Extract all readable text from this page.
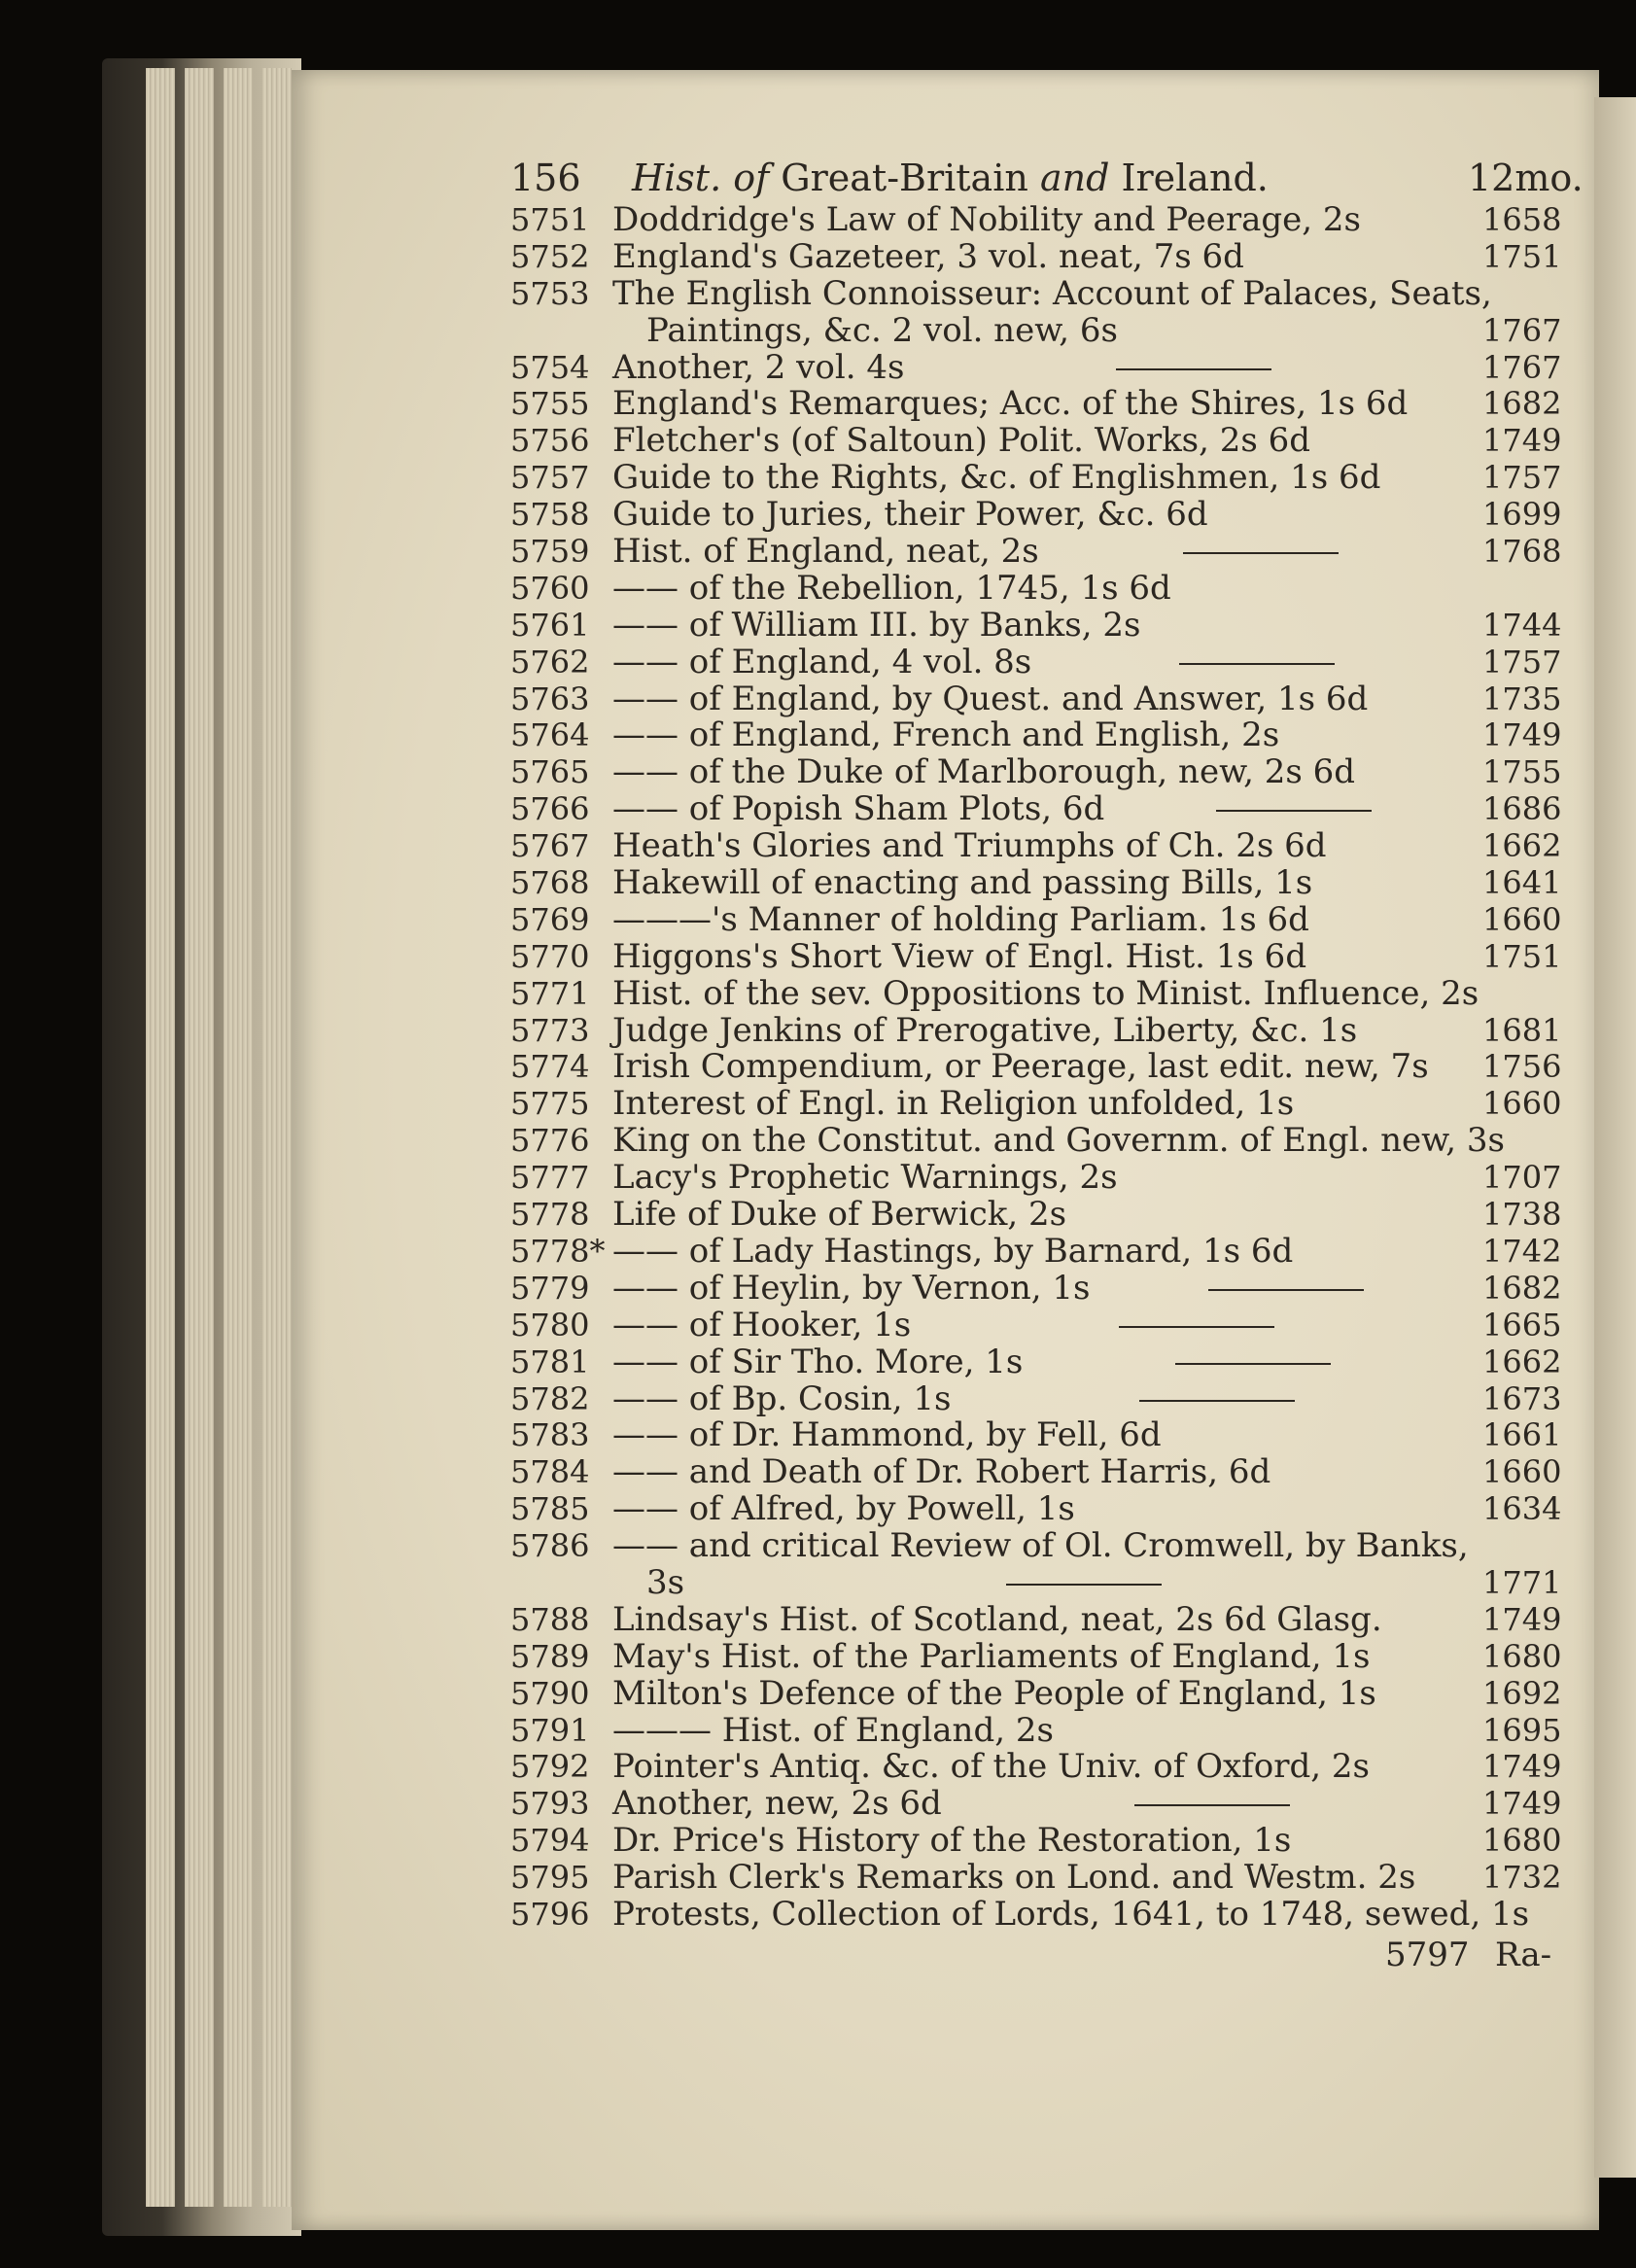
156 Hist. of Great-Britain and Ireland.	12mo.
5751 Doddridge's Law of Nobility and Peerage, 2s	1658
5752 England's Gazeteer, 3 vol. neat, 7s 6d	1751
5753 The English Connoisseur: Account of Palaces, Seats,
Paintings, &c. 2 vol. new, 6s	1767
5754 Another, 2 vol. 4s	1767
5755 England's Remarques; Acc. of the Shires, 1s 6d 1682
5756 Fletcher's (of Saltoun) Polit. Works, 2s 6d	1749
5757 Guide to the Rights, &c. of Englishmen, 1s 6d	1757
5758 Guide to Juries, their Power, &c. 6d	1699
5759 Hist. of England, neat, 2s	1768
5760 —— of the Rebellion, 1745, 1s 6d
5761 —— of William III. by Banks, 2s	1744
5762 —— of England, 4 vol. 8s	1757
5763 —— of England, by Quest. and Answer, 1s 6d	1735
5764 —— of England, French and English, 2s	1749
5765 —— of the Duke of Marlborough, new, 2s 6d	1755
5766 —— of Popish Sham Plots, 6d	1686
5767 Heath's Glories and Triumphs of Ch. 2s 6d	1662
5768 Hakewill of enacting and passing Bills, 1s	1641
5769 ———'s Manner of holding Parliam. 1s 6d	1660
5770 Higgons's Short View of Engl. Hist. 1s 6d	1751
5771 Hist. of the sev. Oppositions to Minist. Influence, 2s
5773 Judge Jenkins of Prerogative, Liberty, &c. 1s	1681
5774 Irish Compendium, or Peerage, last edit. new, 7s 1756
5775 Interest of Engl. in Religion unfolded, 1s	1660
5776 King on the Constitut. and Governm. of Engl. new, 3s
5777 Lacy's Prophetic Warnings, 2s	1707
5778 Life of Duke of Berwick, 2s	1738
5778* —— of Lady Hastings, by Barnard, 1s 6d	1742
5779 —— of Heylin, by Vernon, 1s	1682
5780 —— of Hooker, 1s	1665
5781 —— of Sir Tho. More, 1s	1662
5782 —— of Bp. Cosin, 1s	1673
5783 —— of Dr. Hammond, by Fell, 6d	1661
5784 —— and Death of Dr. Robert Harris, 6d	1660
5785 —— of Alfred, by Powell, 1s	1634
5786 —— and critical Review of Ol. Cromwell, by Banks,
3s	1771
5788 Lindsay's Hist. of Scotland, neat, 2s 6d Glasg.	1749
5789 May's Hist. of the Parliaments of England, 1s	1680
5790 Milton's Defence of the People of England, 1s	1692
5791 ——— Hist. of England, 2s	1695
5792 Pointer's Antiq. &c. of the Univ. of Oxford, 2s	1749
5793 Another, new, 2s 6d	1749
5794 Dr. Price's History of the Restoration, 1s	1680
5795 Parish Clerk's Remarks on Lond. and Westm. 2s 1732
5796 Protests, Collection of Lords, 1641, to 1748, sewed, 1s
5797 Ra-
